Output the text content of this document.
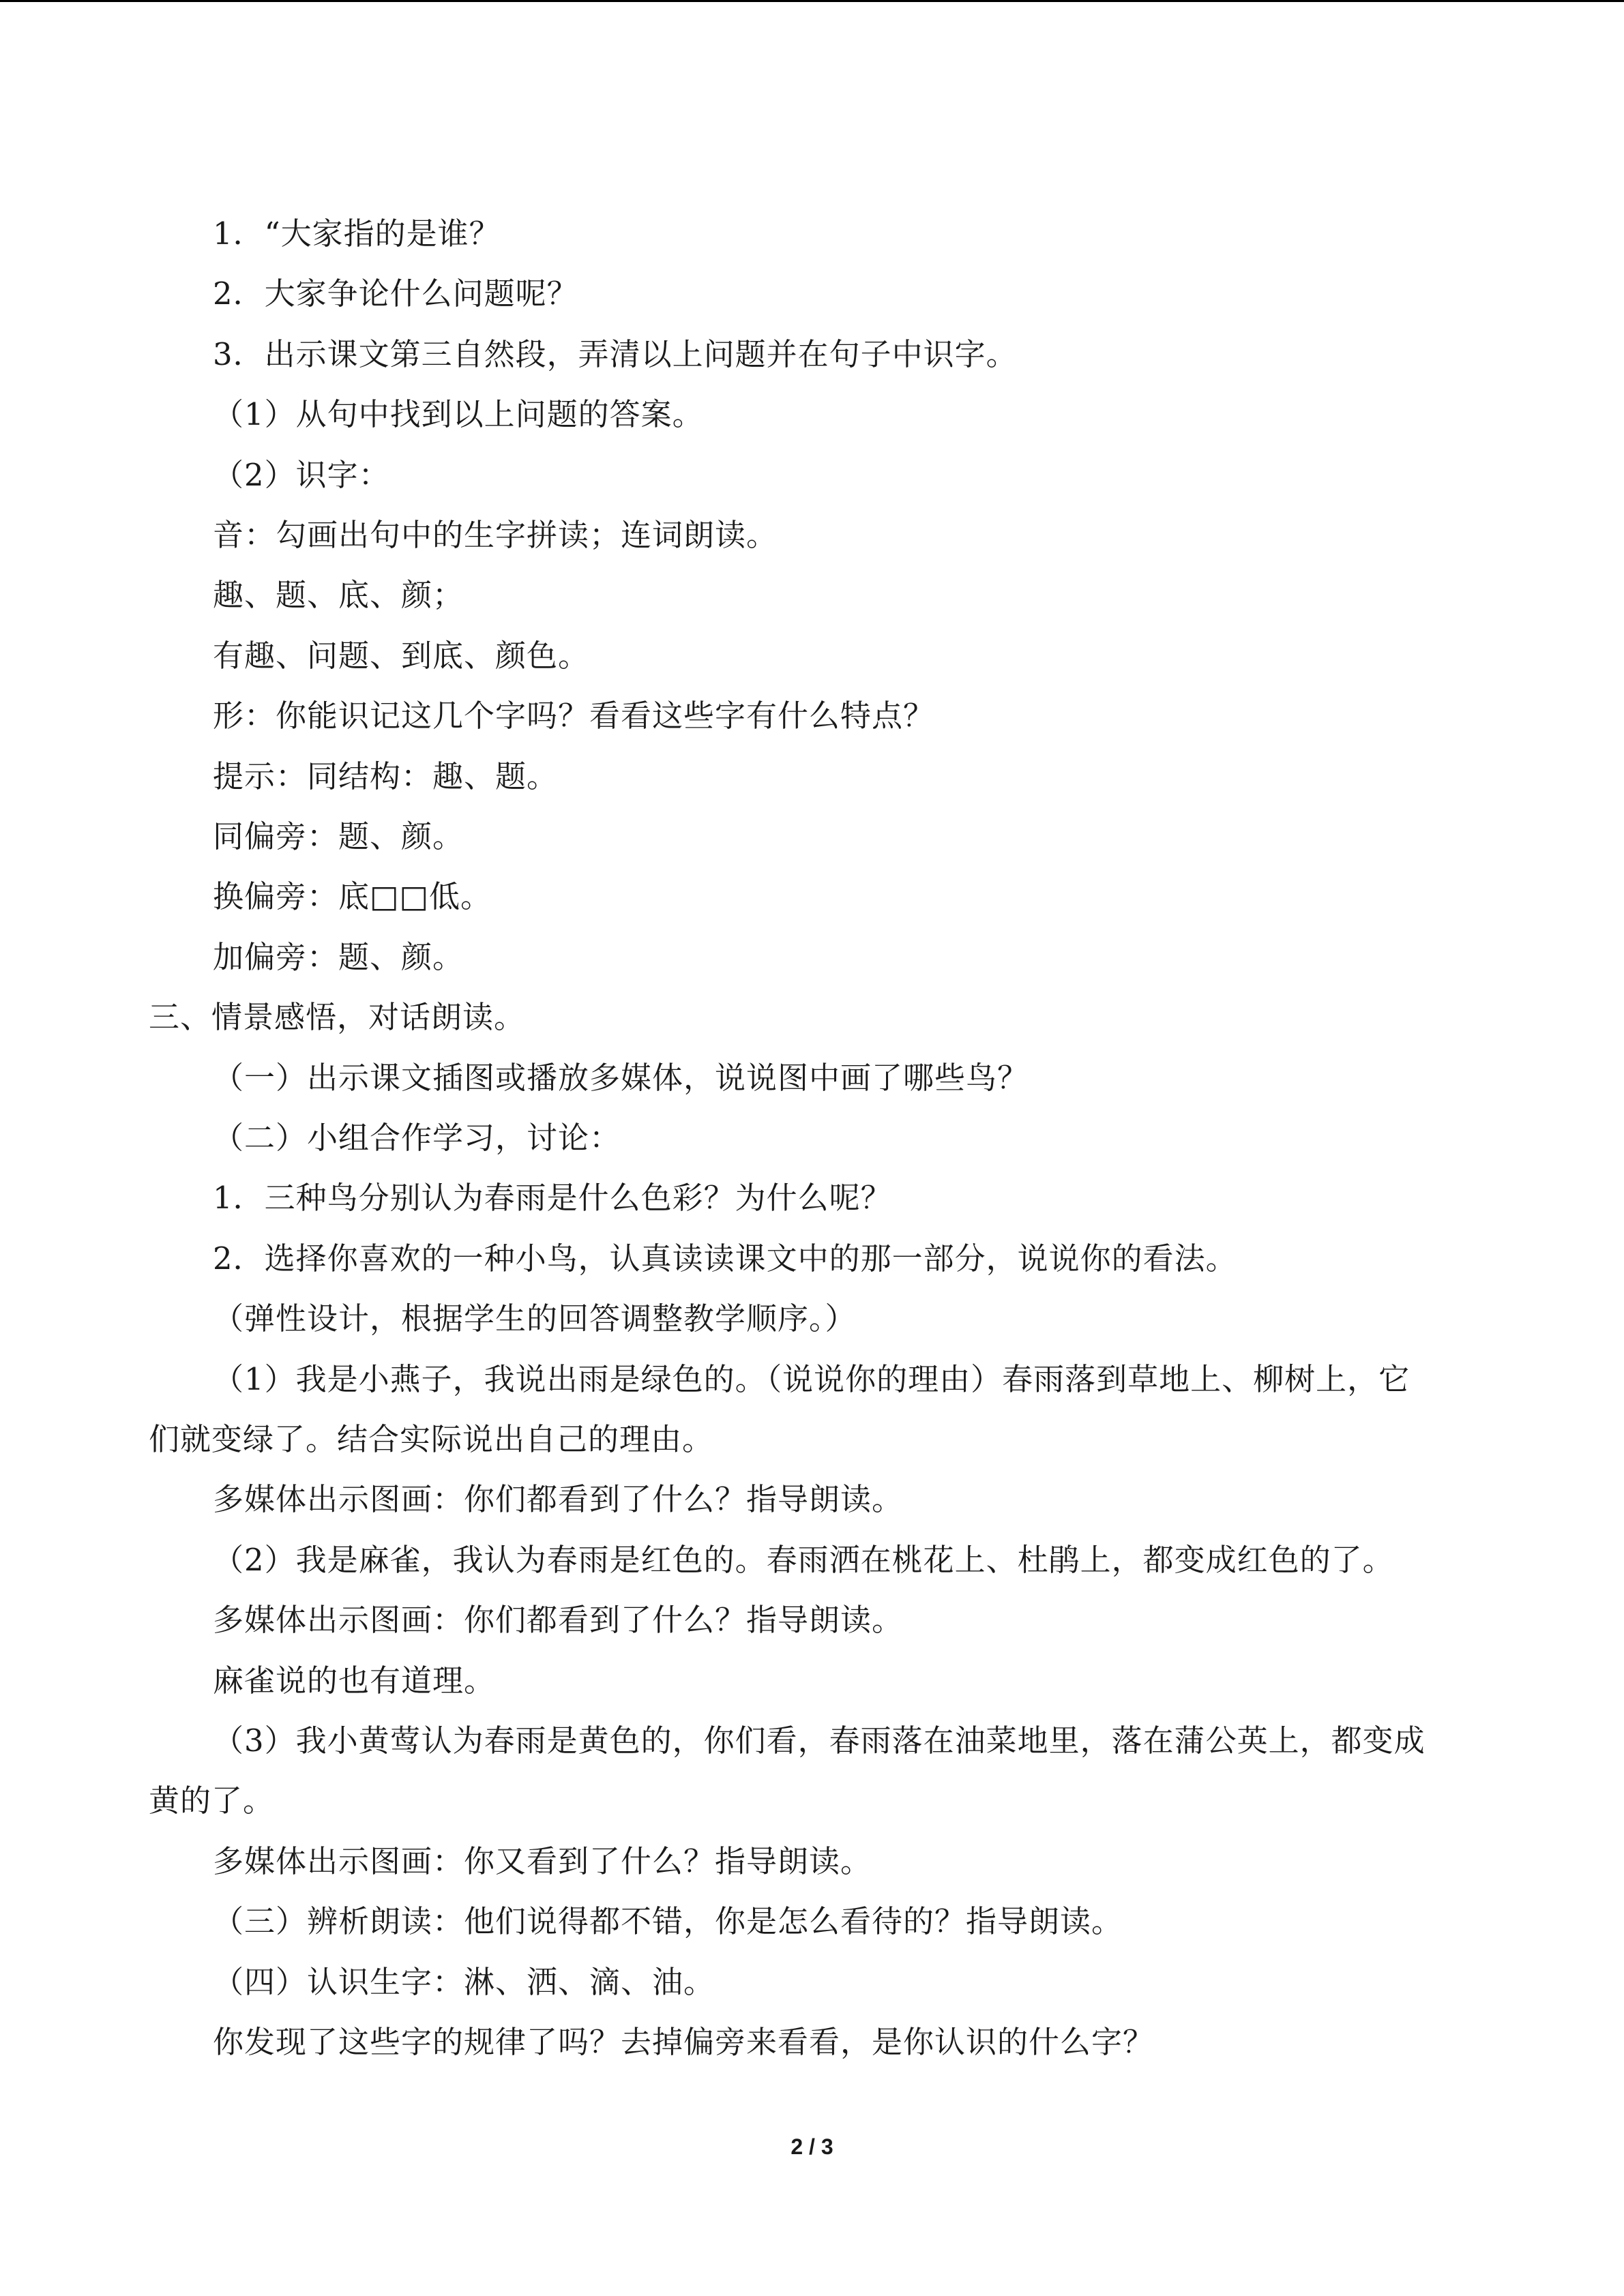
1．“大家指的是谁？
2．大家争论什么问题呢？
3．出示课文第三自然段，弄清以上问题并在句子中识字。
（1）从句中找到以上问题的答案。
（2）识字：
音：勾画出句中的生字拼读；连词朗读。
趣、题、底、颜；
有趣、问题、到底、颜色。
形：你能识记这几个字吗？看看这些字有什么特点？
提示：同结构：趣、题。
同偏旁：题、颜。
换偏旁：底□□低。
加偏旁：题、颜。
三、情景感悟，对话朗读。
（一）出示课文插图或播放多媒体，说说图中画了哪些鸟？
（二）小组合作学习，讨论：
1．三种鸟分别认为春雨是什么色彩？为什么呢？
2．选择你喜欢的一种小鸟，认真读读课文中的那一部分，说说你的看法。
（弹性设计，根据学生的回答调整教学顺序。）
（1）我是小燕子，我说出雨是绿色的。（说说你的理由）春雨落到草地上、柳树上，它
们就变绿了。结合实际说出自己的理由。
多媒体出示图画：你们都看到了什么？指导朗读。
（2）我是麻雀，我认为春雨是红色的。春雨洒在桃花上、杜鹃上，都变成红色的了。
多媒体出示图画：你们都看到了什么？指导朗读。
麻雀说的也有道理。
（3）我小黄莺认为春雨是黄色的，你们看，春雨落在油菜地里，落在蒲公英上，都变成
黄的了。
多媒体出示图画：你又看到了什么？指导朗读。
（三）辨析朗读：他们说得都不错，你是怎么看待的？指导朗读。
（四）认识生字：淋、洒、滴、油。
你发现了这些字的规律了吗？去掉偏旁来看看，是你认识的什么字？
2 / 3
